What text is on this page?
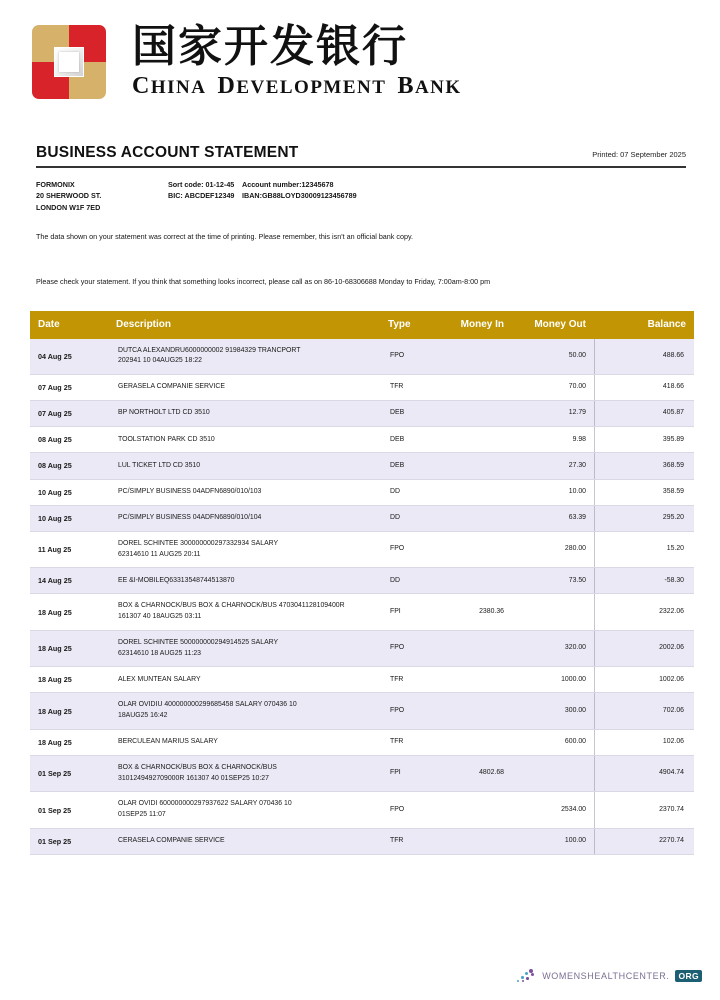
国家开发银行
CHINA DEVELOPMENT BANK
BUSINESS ACCOUNT STATEMENT	Printed: 07 September 2025
FORMONIX
20 SHERWOOD ST.
LONDON W1F 7ED
Sort code: 01-12-45	Account number:12345678
BIC: ABCDEF12349	IBAN:GB88LOYD30009123456789
The data shown on your statement was correct at the time of printing. Please remember, this isn't an official bank copy.
Please check your statement. If you think that something looks incorrect, please call as on 86-10-68306688 Monday to Friday, 7:00am-8:00 pm
Date	Description	Type	Money In	Money Out	Balance
04 Aug 25	DUTCA ALEXANDRU6000000002 91984329 TRANCPORT
202941 10 04AUG25 18:22	FPO		50.00	488.66
07 Aug 25	GERASELA COMPANIE SERVICE	TFR		70.00	418.66
07 Aug 25	BP NORTHOLT LTD CD 3510	DEB		12.79	405.87
08 Aug 25	TOOLSTATION PARK CD 3510	DEB		9.98	395.89
08 Aug 25	LUL TICKET LTD CD 3510	DEB		27.30	368.59
10 Aug 25	PC/SIMPLY BUSINESS 04ADFN6890/010/103	DD		10.00	358.59
10 Aug 25	PC/SIMPLY BUSINESS 04ADFN6890/010/104	DD		63.39	295.20
11 Aug 25	DOREL SCHINTEE 300000000297332934 SALARY
62314610 11 AUG25 20:11	FPO		280.00	15.20
14 Aug 25	EE &I-MOBILEQ63313548744513870	DD		73.50	-58.30
18 Aug 25	BOX & CHARNOCK/BUS BOX & CHARNOCK/BUS 4703041128109400R
161307 40 18AUG25 03:11	FPI	2380.36		2322.06
18 Aug 25	DOREL SCHINTEE 500000000294914525 SALARY
62314610 18 AUG25 11:23	FPO		320.00	2002.06
18 Aug 25	ALEX MUNTEAN SALARY	TFR		1000.00	1002.06
18 Aug 25	OLAR OVIDIU 400000000299685458 SALARY 070436 10
18AUG25 16:42	FPO		300.00	702.06
18 Aug 25	BERCULEAN MARIUS SALARY	TFR		600.00	102.06
01 Sep 25	BOX & CHARNOCK/BUS BOX & CHARNOCK/BUS
3101249492709000R 161307 40 01SEP25 10:27	FPI	4802.68		4904.74
01 Sep 25	OLAR OVIDI 600000000297937622 SALARY 070436 10
01SEP25 11:07	FPO		2534.00	2370.74
01 Sep 25	CERASELA COMPANIE SERVICE	TFR		100.00	2270.74
WOMENSHEALTHCENTER.	ORG
